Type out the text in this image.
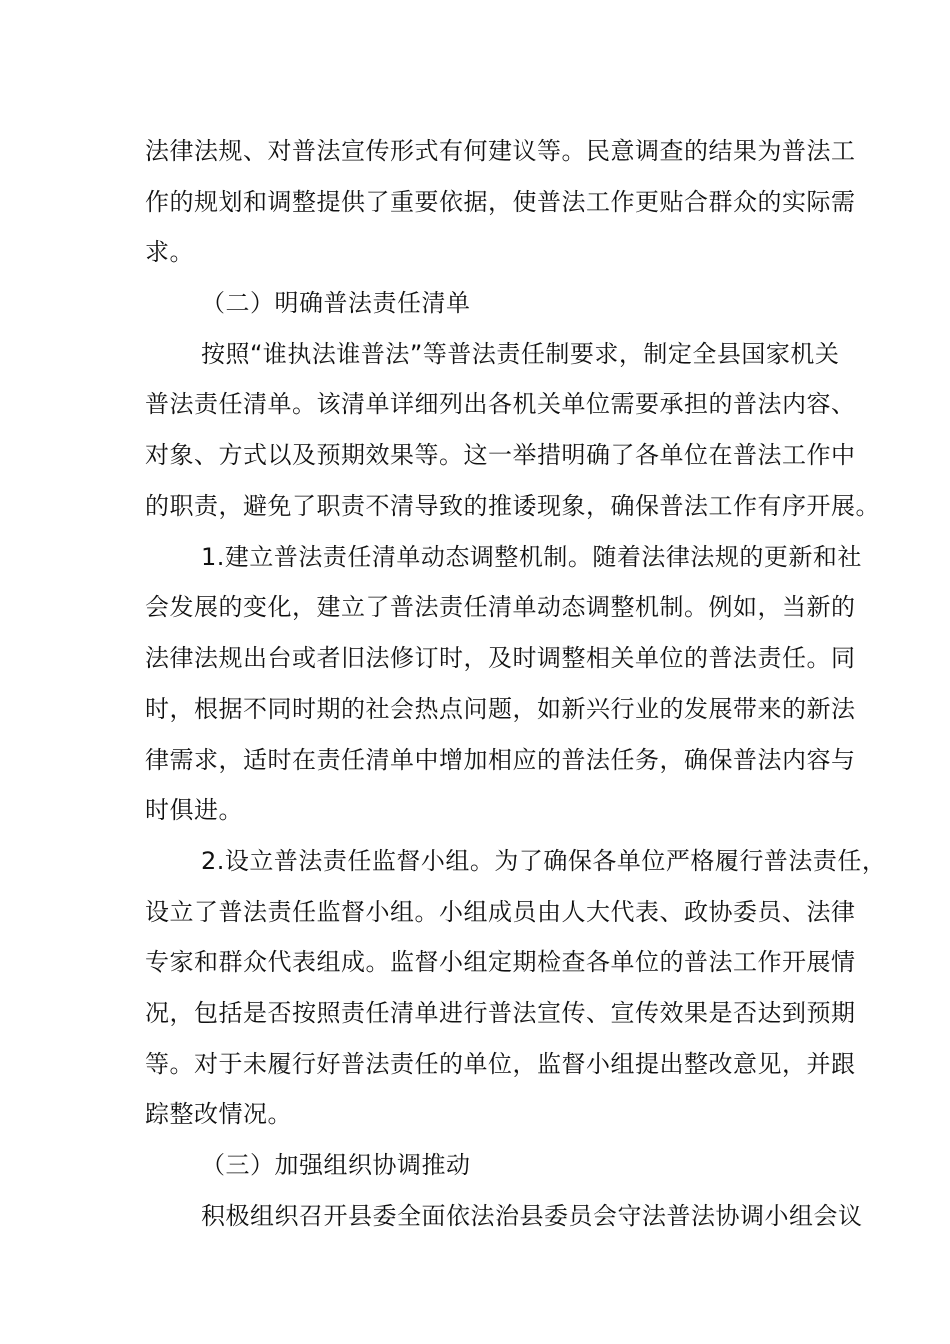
法律法规、对普法宣传形式有何建议等。民意调查的结果为普法工
作的规划和调整提供了重要依据，使普法工作更贴合群众的实际需
求。
（二）明确普法责任清单
按照“谁执法谁普法”等普法责任制要求，制定全县国家机关
普法责任清单。该清单详细列出各机关单位需要承担的普法内容、
对象、方式以及预期效果等。这一举措明确了各单位在普法工作中
的职责，避免了职责不清导致的推诿现象，确保普法工作有序开展。
1.建立普法责任清单动态调整机制。随着法律法规的更新和社
会发展的变化，建立了普法责任清单动态调整机制。例如，当新的
法律法规出台或者旧法修订时，及时调整相关单位的普法责任。同
时，根据不同时期的社会热点问题，如新兴行业的发展带来的新法
律需求，适时在责任清单中增加相应的普法任务，确保普法内容与
时俱进。
2.设立普法责任监督小组。为了确保各单位严格履行普法责任，
设立了普法责任监督小组。小组成员由人大代表、政协委员、法律
专家和群众代表组成。监督小组定期检查各单位的普法工作开展情
况，包括是否按照责任清单进行普法宣传、宣传效果是否达到预期
等。对于未履行好普法责任的单位，监督小组提出整改意见，并跟
踪整改情况。
（三）加强组织协调推动
积极组织召开县委全面依法治县委员会守法普法协调小组会议
